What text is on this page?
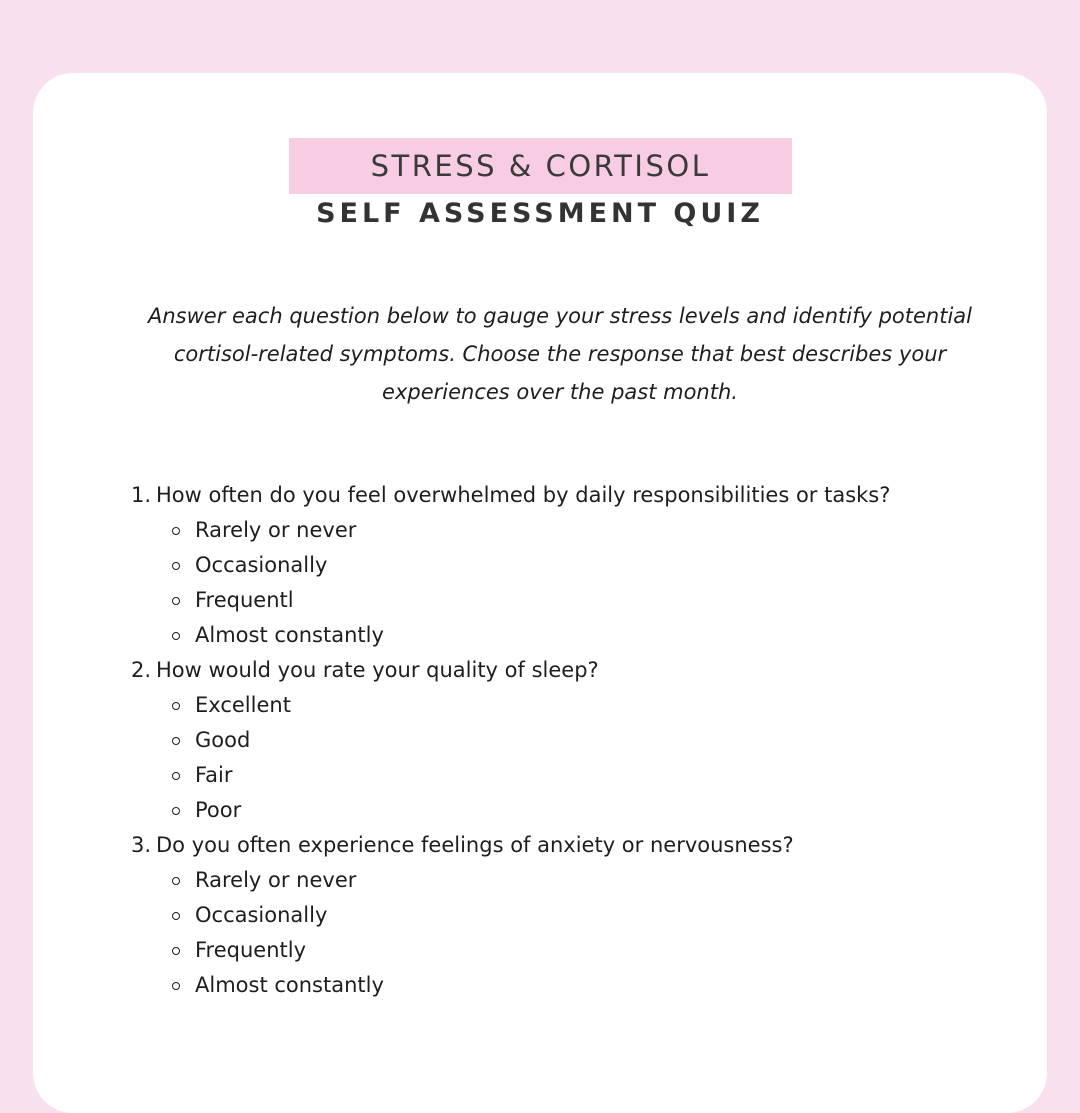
STRESS & CORTISOL
SELF ASSESSMENT QUIZ

Answer each question below to gauge your stress levels and identify potential cortisol-related symptoms. Choose the response that best describes your experiences over the past month.

1. How often do you feel overwhelmed by daily responsibilities or tasks?
Rarely or never
Occasionally
Frequentl
Almost constantly
2. How would you rate your quality of sleep?
Excellent
Good
Fair
Poor
3. Do you often experience feelings of anxiety or nervousness?
Rarely or never
Occasionally
Frequently
Almost constantly
